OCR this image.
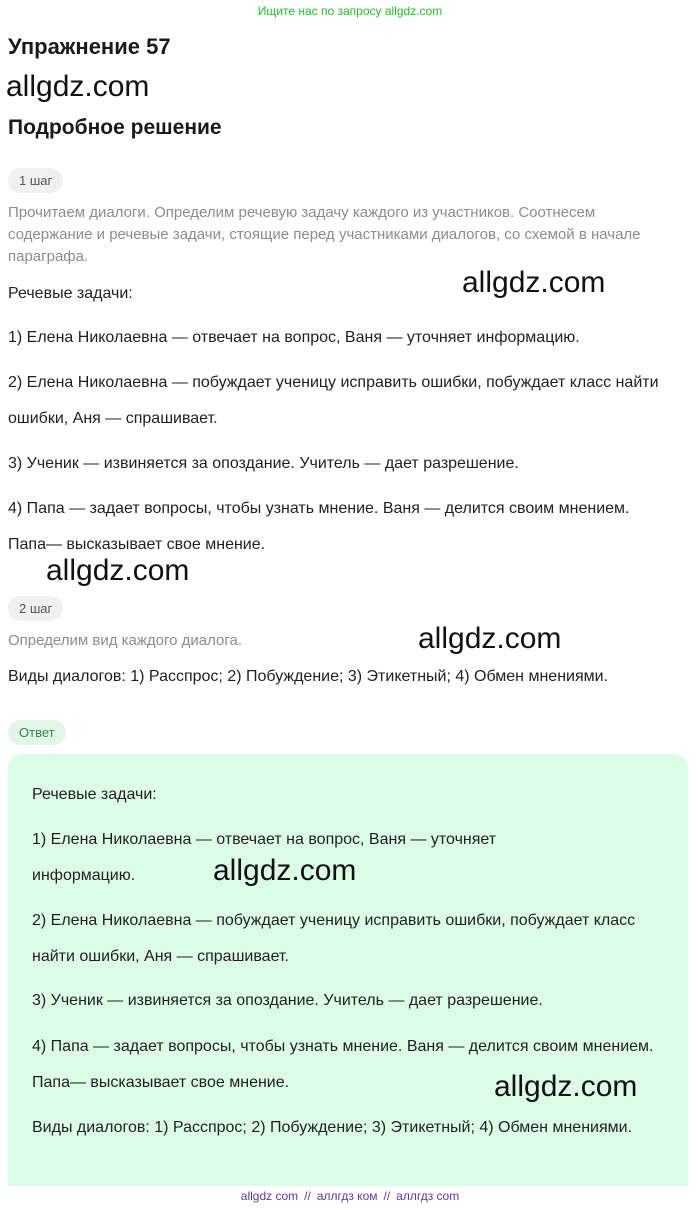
Ищите нас по запросу allgdz.com
Упражнение 57
allgdz.com
Подробное решение
1 шаг
Прочитаем диалоги. Определим речевую задачу каждого из участников. Соотнесем содержание и речевые задачи, стоящие перед участниками диалогов, со схемой в начале параграфа.
Речевые задачи:	allgdz.com

1) Елена Николаевна — отвечает на вопрос, Ваня — уточняет информацию.

2) Елена Николаевна — побуждает ученицу исправить ошибки, побуждает класс найти ошибки, Аня — спрашивает.

3) Ученик — извиняется за опоздание. Учитель — дает разрешение.

4) Папа — задает вопросы, чтобы узнать мнение. Ваня — делится своим мнением. Папа— высказывает свое мнение.

allgdz.com
2 шаг
Определим вид каждого диалога.	allgdz.com

Виды диалогов: 1) Расспрос; 2) Побуждение; 3) Этикетный; 4) Обмен мнениями.

Ответ
Речевые задачи:

1) Елена Николаевна — отвечает на вопрос, Ваня — уточняет информацию.	allgdz.com

2) Елена Николаевна — побуждает ученицу исправить ошибки, побуждает класс найти ошибки, Аня — спрашивает.

3) Ученик — извиняется за опоздание. Учитель — дает разрешение.

4) Папа — задает вопросы, чтобы узнать мнение. Ваня — делится своим мнением. Папа— высказывает свое мнение.	allgdz.com

Виды диалогов: 1) Расспрос; 2) Побуждение; 3) Этикетный; 4) Обмен мнениями.

allgdz com // аллгдз ком // аллгдз com
